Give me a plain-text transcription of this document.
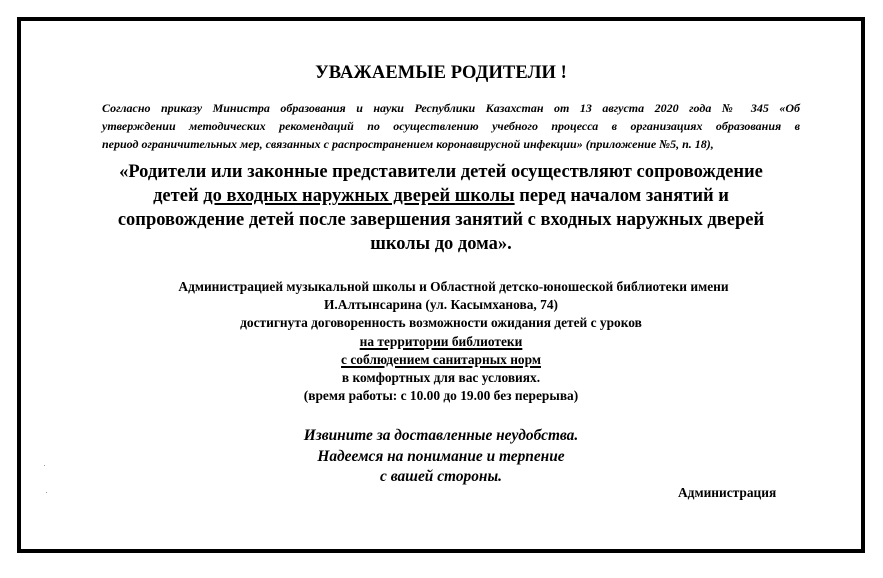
УВАЖАЕМЫЕ РОДИТЕЛИ !
Согласно приказу Министра образования и науки Республики Казахстан от 13 августа 2020 года № 345 «Об
утверждении методических рекомендаций по осуществлению учебного процесса в организациях образования в
период ограничительных мер, связанных с распространением коронавирусной инфекции» (приложение №5, п. 18),
«Родители или законные представители детей осуществляют сопровождение
детей до входных наружных дверей школы перед началом занятий и
сопровождение детей после завершения занятий с входных наружных дверей
школы до дома».
Администрацией музыкальной школы и Областной детско-юношеской библиотеки имени
И.Алтынсарина (ул. Касымханова, 74)
достигнута договоренность возможности ожидания детей с уроков
на территории библиотеки
с соблюдением санитарных норм
в комфортных для вас условиях.
(время работы: с 10.00 до 19.00 без перерыва)
Извините за доставленные неудобства.
Надеемся на понимание и терпение
с вашей стороны.
Администрация
